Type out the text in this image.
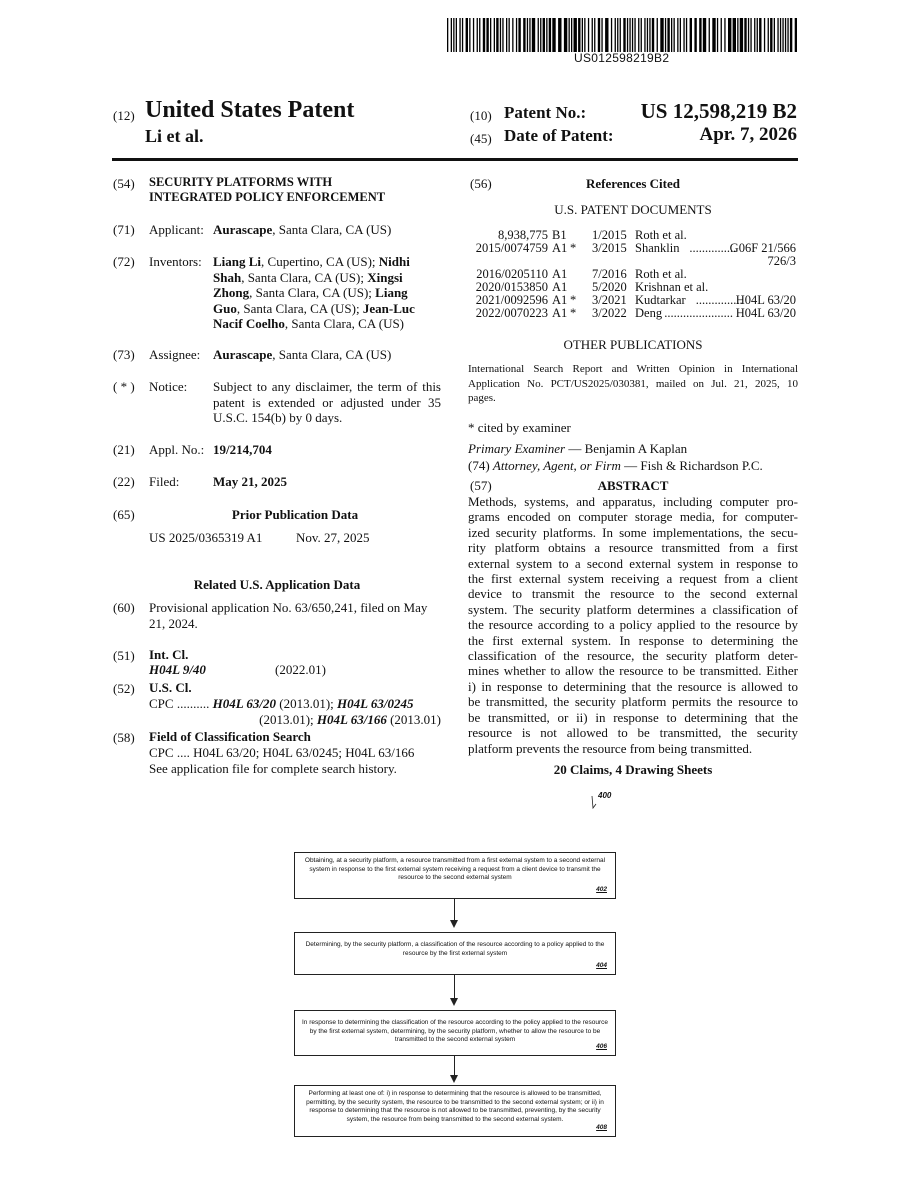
US012598219B2
(12) United States Patent
Li et al.
(10) Patent No.:	US 12,598,219 B2
(45) Date of Patent:	Apr. 7, 2026
(54) SECURITY PLATFORMS WITH
INTEGRATED POLICY ENFORCEMENT
(71) Applicant: Aurascape, Santa Clara, CA (US)
(72) Inventors: Liang Li, Cupertino, CA (US); Nidhi
Shah, Santa Clara, CA (US); Xingsi
Zhong, Santa Clara, CA (US); Liang
Guo, Santa Clara, CA (US); Jean-Luc
Nacif Coelho, Santa Clara, CA (US)
(73) Assignee: Aurascape, Santa Clara, CA (US)
( * ) Notice: Subject to any disclaimer, the term of this
patent is extended or adjusted under 35
U.S.C. 154(b) by 0 days.
(21) Appl. No.: 19/214,704
(22) Filed:	May 21, 2025
(65)	Prior Publication Data
US 2025/0365319 A1	Nov. 27, 2025
Related U.S. Application Data
(60) Provisional application No. 63/650,241, filed on May
21, 2024.
(51) Int. Cl.
H04L 9/40	(2022.01)
(52) U.S. Cl.
CPC .......... H04L 63/20 (2013.01); H04L 63/0245
(2013.01); H04L 63/166 (2013.01)
(58) Field of Classification Search
CPC .... H04L 63/20; H04L 63/0245; H04L 63/166
See application file for complete search history.
(56)	References Cited
U.S. PATENT DOCUMENTS
8,938,775 B1 1/2015 Roth et al.
2015/0074759 A1 * 3/2015 Shanklin ...............
G06F 21/566
726/3
2016/0205110 A1 7/2016 Roth et al.
2020/0153850 A1 5/2020 Krishnan et al.
2021/0092596 A1 * 3/2021 Kudtarkar ...............
H04L 63/20
2022/0070223 A1 * 3/2022 Deng ...................... H04L 63/20
OTHER PUBLICATIONS
International Search Report and Written Opinion in International
Application No. PCT/US2025/030381, mailed on Jul. 21, 2025, 10
pages.
* cited by examiner
Primary Examiner — Benjamin A Kaplan
(74) Attorney, Agent, or Firm — Fish & Richardson P.C.
(57)	ABSTRACT
Methods, systems, and apparatus, including computer pro-
grams encoded on computer storage media, for computer-
ized security platforms. In some implementations, the secu-
rity platform obtains a resource transmitted from a first
external system to a second external system in response to
the first external system receiving a request from a client
device to transmit the resource to the second external
system. The security platform determines a classification of
the resource according to a policy applied to the resource by
the first external system. In response to determining the
classification of the resource, the security platform deter-
mines whether to allow the resource to be transmitted. Either
i) in response to determining that the resource is allowed to
be transmitted, the security platform permits the resource to
be transmitted, or ii) in response to determining that the
resource is not allowed to be transmitted, the security
platform prevents the resource from being transmitted.
20 Claims, 4 Drawing Sheets
400
Obtaining, at a security platform, a resource transmitted from a first external system to a second external system in response to the first external system receiving a request from a client device to transmit the resource to the second external system
402
Determining, by the security platform, a classification of the resource according to a policy applied to the resource by the first external system
404
In response to determining the classification of the resource according to the policy applied to the resource by the first external system, determining, by the security platform, whether to allow the resource to be transmitted to the second external system
406
Performing at least one of: i) in response to determining that the resource is allowed to be transmitted, permitting, by the security system, the resource to be transmitted to the second external system; or ii) in response to determining that the resource is not allowed to be transmitted, preventing, by the security system, the resource from being transmitted to the second external system.
408
